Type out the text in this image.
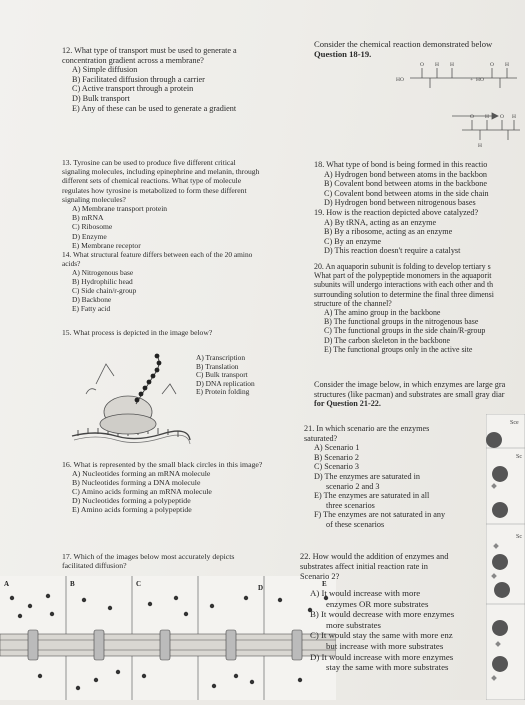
12. What type of transport must be used to generate a

concentration gradient across a membrane?

A) Simple diffusion
B) Facilitated diffusion through a carrier
C) Active transport through a protein
D) Bulk transport
E) Any of these can be used to generate a gradient

Consider the chemical reaction demonstrated below

Question 18-19.

HO
O H H
+ HO
O H
O H O H
H

13. Tyrosine can be used to produce five different critical

signaling molecules, including epinephrine and melanin, through

different sets of chemical reactions. What type of molecule

regulates how tyrosine is metabolized to form these different

signaling molecules?

A) Membrane transport protein
B) mRNA
C) Ribosome
D) Enzyme
E) Membrane receptor

18. What type of bond is being formed in this reactio

A) Hydrogen bond between atoms in the backbon
B) Covalent bond between atoms in the backbone
C) Covalent bond between atoms in the side chain
D) Hydrogen bond between nitrogenous bases

19. How is the reaction depicted above catalyzed?

A) By tRNA, acting as an enzyme
B) By a ribosome, acting as an enzyme
C) By an enzyme
D) This reaction doesn't require a catalyst

14. What structural feature differs between each of the 20 amino

acids?

A) Nitrogenous base
B) Hydrophilic head
C) Side chain/r-group
D) Backbone
E) Fatty acid

20. An aquaporin subunit is folding to develop tertiary s

What part of the polypeptide monomers in the aquaporit

subunits will undergo interactions with each other and th

surrounding solution to determine the final three dimensi

structure of the channel?

A) The amino group in the backbone
B) The functional groups in the nitrogenous base
C) The functional groups in the side chain/R-group
D) The carbon skeleton in the backbone
E) The functional groups only in the active site

15. What process is depicted in the image below?

A) Transcription
B) Translation
C) Bulk transport
D) DNA replication
E) Protein folding

Consider the image below, in which enzymes are large gra

structures (like pacman) and substrates are small gray diar

for Question 21-22.

21. In which scenario are the enzymes

saturated?

A) Scenario 1
B) Scenario 2
C) Scenario 3
D) The enzymes are saturated in
scenario 2 and 3
E) The enzymes are saturated in all
three scenarios
F) The enzymes are not saturated in any
of these scenarios
Sce
Sc
Sc

16. What is represented by the small black circles in this image?

A) Nucleotides forming an mRNA molecule
B) Nucleotides forming a DNA molecule
C) Amino acids forming an mRNA molecule
D) Nucleotides forming a polypeptide
E) Amino acids forming a polypeptide

17. Which of the images below most accurately depicts

facilitated diffusion?

A	B	C	D	E

22. How would the addition of enzymes and

substrates affect initial reaction rate in

Scenario 2?

A) It would increase with more
enzymes OR more substrates
B) It would decrease with more enzymes
more substrates
C) It would stay the same with more enz
but increase with more substrates
D) It would increase with more enzymes
stay the same with more substrates
